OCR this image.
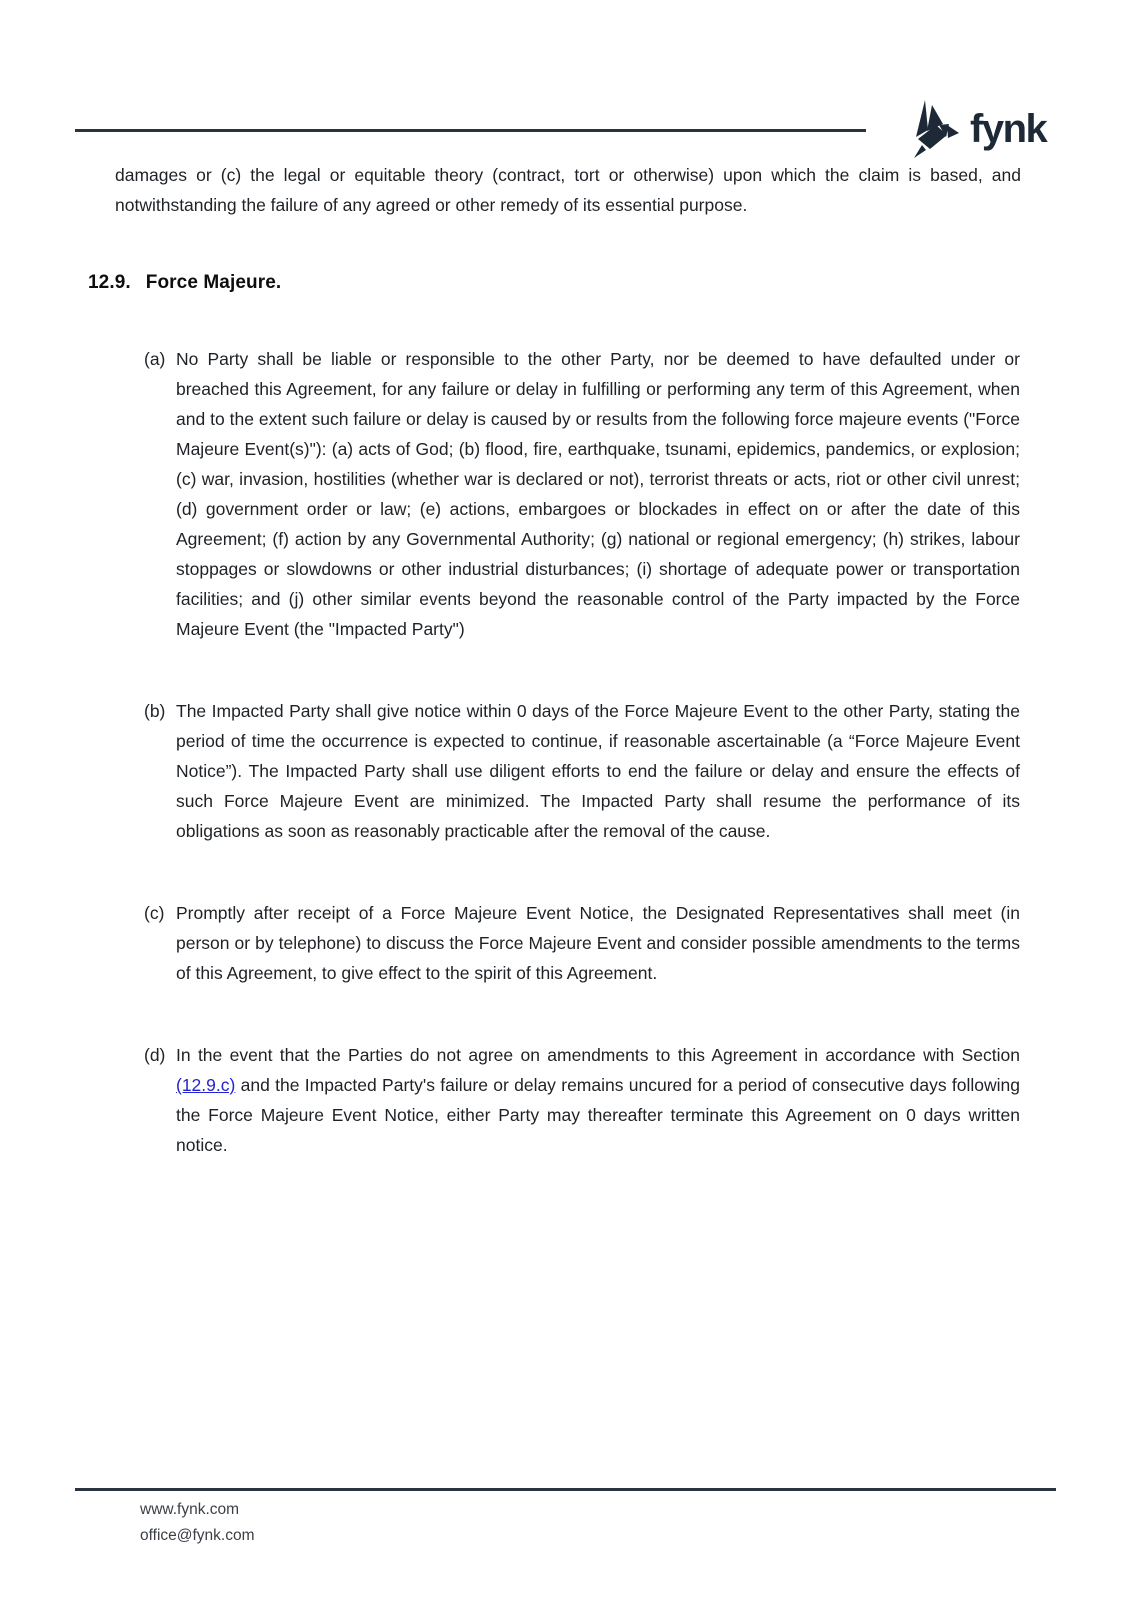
fynk

damages or (c) the legal or equitable theory (contract, tort or otherwise) upon which the claim is based, and notwithstanding the failure of any agreed or other remedy of its essential purpose.

12.9. Force Majeure.
(a) No Party shall be liable or responsible to the other Party, nor be deemed to have defaulted under or breached this Agreement, for any failure or delay in fulfilling or performing any term of this Agreement, when and to the extent such failure or delay is caused by or results from the following force majeure events ("Force Majeure Event(s)"): (a) acts of God; (b) flood, fire, earthquake, tsunami, epidemics, pandemics, or explosion; (c) war, invasion, hostilities (whether war is declared or not), terrorist threats or acts, riot or other civil unrest; (d) government order or law; (e) actions, embargoes or blockades in effect on or after the date of this Agreement; (f) action by any Governmental Authority; (g) national or regional emergency; (h) strikes, labour stoppages or slowdowns or other industrial disturbances; (i) shortage of adequate power or transportation facilities; and (j) other similar events beyond the reasonable control of the Party impacted by the Force Majeure Event (the "Impacted Party")
(b) The Impacted Party shall give notice within 0 days of the Force Majeure Event to the other Party, stating the period of time the occurrence is expected to continue, if reasonable ascertainable (a “Force Majeure Event Notice”). The Impacted Party shall use diligent efforts to end the failure or delay and ensure the effects of such Force Majeure Event are minimized. The Impacted Party shall resume the performance of its obligations as soon as reasonably practicable after the removal of the cause.
(c) Promptly after receipt of a Force Majeure Event Notice, the Designated Representatives shall meet (in person or by telephone) to discuss the Force Majeure Event and consider possible amendments to the terms of this Agreement, to give effect to the spirit of this Agreement.
(d) In the event that the Parties do not agree on amendments to this Agreement in accordance with Section (12.9.c) and the Impacted Party's failure or delay remains uncured for a period of consecutive days following the Force Majeure Event Notice, either Party may thereafter terminate this Agreement on 0 days written notice.
www.fynk.com
office@fynk.com
